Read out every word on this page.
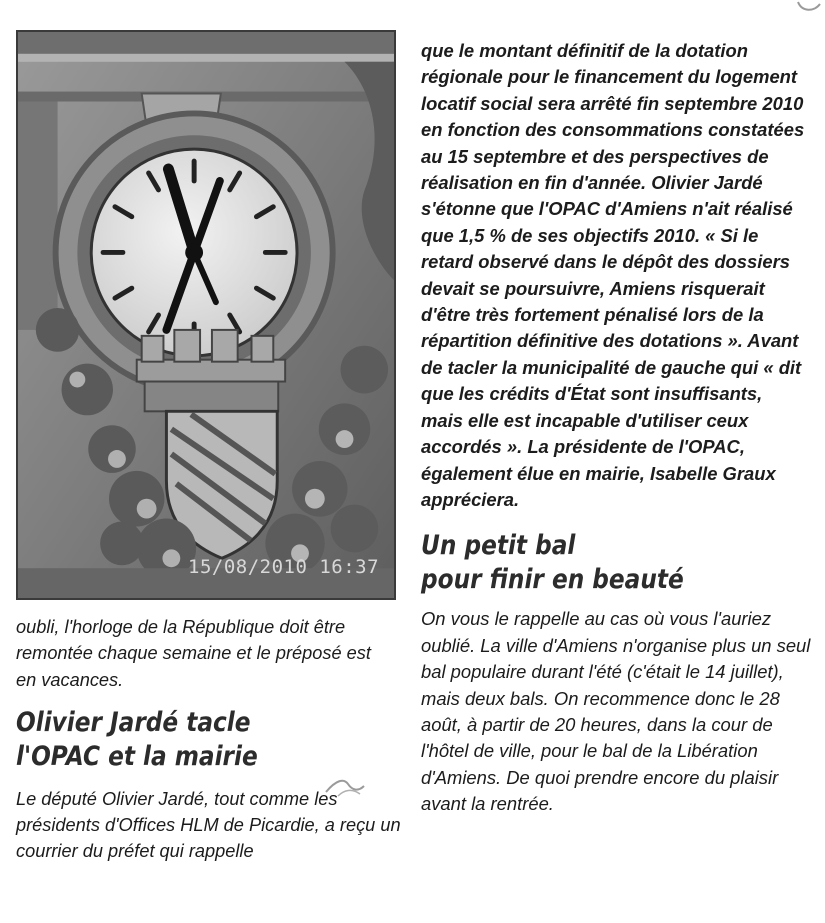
15/08/2010 16:37

oubli, l'horloge de la République doit être remontée chaque semaine et le préposé est en vacances.

Olivier Jardé tacle
l'OPAC et la mairie

Le député Olivier Jardé, tout comme les présidents d'Offices HLM de Picardie, a reçu un courrier du préfet qui rappelle

que le montant définitif de la dotation régionale pour le financement du logement locatif social sera arrêté fin septembre 2010 en fonction des consommations constatées au 15 septembre et des perspectives de réalisation en fin d'année. Olivier Jardé s'étonne que l'OPAC d'Amiens n'ait réalisé que 1,5 % de ses objectifs 2010. « Si le retard observé dans le dépôt des dossiers devait se poursuivre, Amiens risquerait d'être très fortement pénalisé lors de la répartition définitive des dotations ». Avant de tacler la municipalité de gauche qui « dit que les crédits d'État sont insuffisants, mais elle est incapable d'utiliser ceux accordés ». La présidente de l'OPAC, également élue en mairie, Isabelle Graux appréciera.

Un petit bal
pour finir en beauté

On vous le rappelle au cas où vous l'auriez oublié. La ville d'Amiens n'organise plus un seul bal populaire durant l'été (c'était le 14 juillet), mais deux bals. On recommence donc le 28 août, à partir de 20 heures, dans la cour de l'hôtel de ville, pour le bal de la Libération d'Amiens. De quoi prendre encore du plaisir avant la rentrée.
